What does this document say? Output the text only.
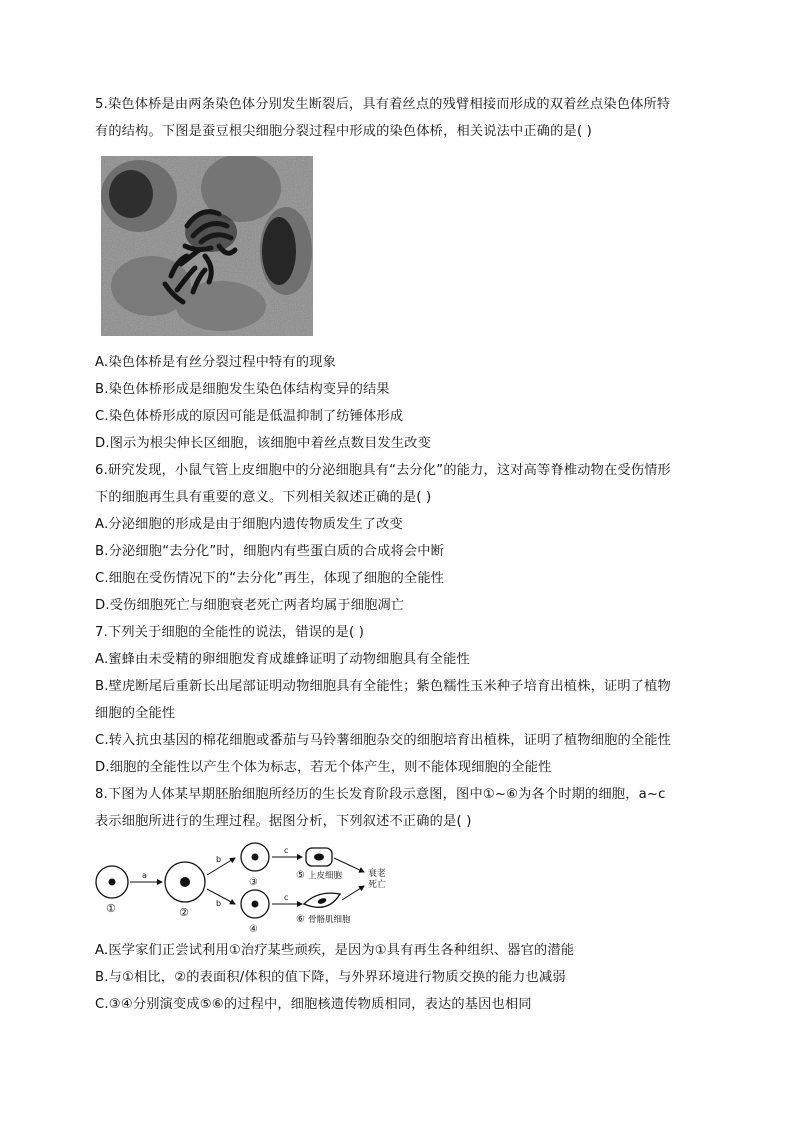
5.染色体桥是由两条染色体分别发生断裂后，具有着丝点的残臂相接而形成的双着丝点染色体所特
有的结构。下图是蚕豆根尖细胞分裂过程中形成的染色体桥，相关说法中正确的是( )
A.染色体桥是有丝分裂过程中特有的现象
B.染色体桥形成是细胞发生染色体结构变异的结果
C.染色体桥形成的原因可能是低温抑制了纺锤体形成
D.图示为根尖伸长区细胞，该细胞中着丝点数目发生改变
6.研究发现，小鼠气管上皮细胞中的分泌细胞具有“去分化”的能力，这对高等脊椎动物在受伤情形
下的细胞再生具有重要的意义。下列相关叙述正确的是( )
A.分泌细胞的形成是由于细胞内遗传物质发生了改变
B.分泌细胞“去分化”时，细胞内有些蛋白质的合成将会中断
C.细胞在受伤情况下的“去分化”再生，体现了细胞的全能性
D.受伤细胞死亡与细胞衰老死亡两者均属于细胞凋亡
7.下列关于细胞的全能性的说法，错误的是( )
A.蜜蜂由未受精的卵细胞发育成雄蜂证明了动物细胞具有全能性
B.壁虎断尾后重新长出尾部证明动物细胞具有全能性；紫色糯性玉米种子培育出植株，证明了植物
细胞的全能性
C.转入抗虫基因的棉花细胞或番茄与马铃薯细胞杂交的细胞培育出植株，证明了植物细胞的全能性
D.细胞的全能性以产生个体为标志，若无个体产生，则不能体现细胞的全能性
8.下图为人体某早期胚胎细胞所经历的生长发育阶段示意图，图中①~⑥为各个时期的细胞，a~c
表示细胞所进行的生理过程。据图分析，下列叙述不正确的是( )
①
a
②
b
b
③
④
c
c
⑤ 上皮细胞
⑥ 骨骼肌细胞
衰老
死亡
A.医学家们正尝试利用①治疗某些顽疾，是因为①具有再生各种组织、器官的潜能
B.与①相比，②的表面积/体积的值下降，与外界环境进行物质交换的能力也减弱
C.③④分别演变成⑤⑥的过程中，细胞核遗传物质相同，表达的基因也相同
